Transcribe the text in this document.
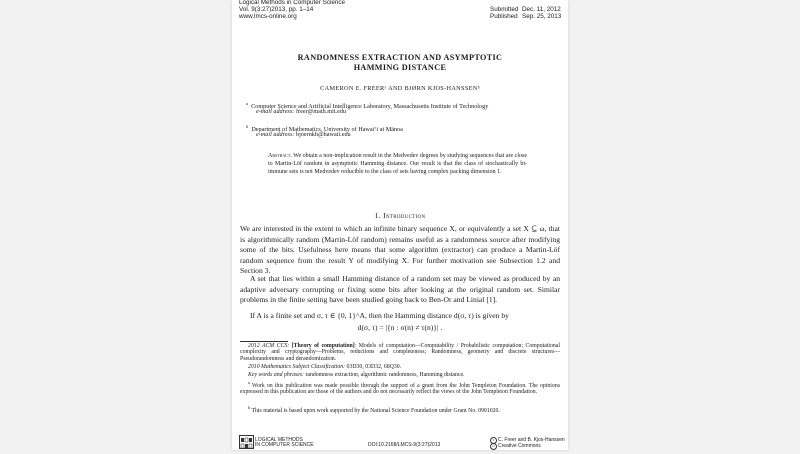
Logical Methods in Computer Science
Vol. 9(3:27)2013, pp. 1–14
www.lmcs-online.org
Submitted Dec. 11, 2012
Published Sep. 25, 2013
RANDOMNESS EXTRACTION AND ASYMPTOTIC
HAMMING DISTANCE
CAMERON E. FREERᵃ AND BJØRN KJOS-HANSSENᵇ
$^a$ Computer Science and Artificial Intelligence Laboratory, Massachusetts Institute of Technology
e-mail address: freer@math.mit.edu
$^b$ Department of Mathematics, University of Hawai‘i at Mānoa
e-mail address: bjoernkh@hawaii.edu
Abstract. We obtain a non-implication result in the Medvedev degrees by studying sequences that are close to Martin-Löf random in asymptotic Hamming distance. Our result is that the class of stochastically bi-immune sets is not Medvedev reducible to the class of sets having complex packing dimension 1.
1. Introduction
We are interested in the extent to which an infinite binary sequence X, or equivalently a set X ⊆ ω, that is algorithmically random (Martin-Löf random) remains useful as a randomness source after modifying some of the bits. Usefulness here means that some algorithm (extractor) can produce a Martin-Löf random sequence from the result Y of modifying X. For further motivation see Subsection 1.2 and Section 3.
A set that lies within a small Hamming distance of a random set may be viewed as produced by an adaptive adversary corrupting or fixing some bits after looking at the original random set. Similar problems in the finite setting have been studied going back to Ben-Or and Linial [1].
If A is a finite set and σ, τ ∈ {0, 1}^A, then the Hamming distance d(σ, τ) is given by
d(σ, τ) = |{n : σ(n) ≠ τ(n)}| .
2012 ACM CCS: [Theory of computation]: Models of computation—Computability / Probabilistic computation; Computational complexity and cryptography—Problems, reductions and completeness; Randomness, geometry and discrete structures—Pseudorandomness and derandomization.
2010 Mathematics Subject Classification: 03D30, 03D32, 68Q30.
Key words and phrases: randomness extraction, algorithmic randomness, Hamming distance.
$^a$ Work on this publication was made possible through the support of a grant from the John Templeton Foundation. The opinions expressed in this publication are those of the authors and do not necessarily reflect the views of the John Templeton Foundation.
$^b$ This material is based upon work supported by the National Science Foundation under Grant No. 0901020.
LOGICAL METHODS
IN COMPUTER SCIENCE	DOI:10.2168/LMCS-9(3:27)2013
c C. Freer and B. Kjos-Hanssen
cc Creative Commons
